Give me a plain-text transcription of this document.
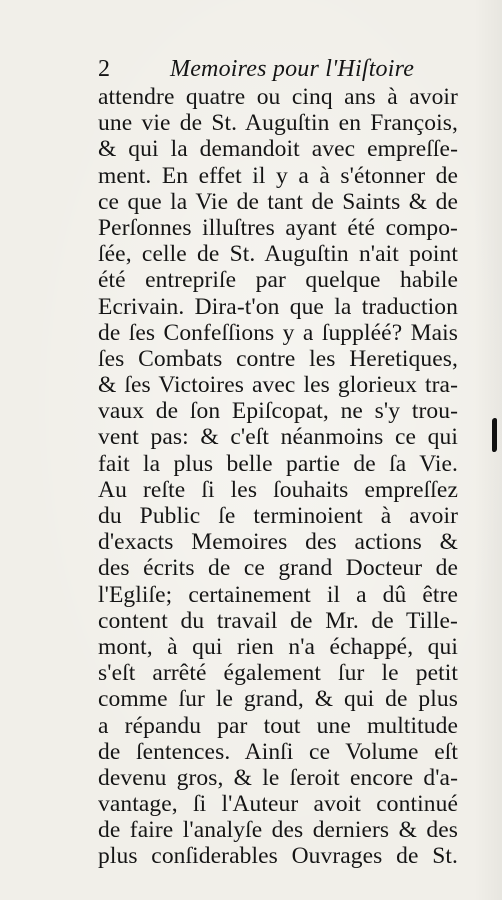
2	Memoires pour l'Hiſtoire
attendre quatre ou cinq ans à avoir
une vie de St. Auguſtin en François,
& qui la demandoit avec empreſſe-
ment. En effet il y a à s'étonner de
ce que la Vie de tant de Saints & de
Perſonnes illuſtres ayant été compo-
ſée, celle de St. Auguſtin n'ait point
été entrepriſe par quelque habile
Ecrivain. Dira-t'on que la traduction
de ſes Confeſſions y a ſuppléé? Mais
ſes Combats contre les Heretiques,
& ſes Victoires avec les glorieux tra-
vaux de ſon Epiſcopat, ne s'y trou-
vent pas: & c'eſt néanmoins ce qui
fait la plus belle partie de ſa Vie.
Au reſte ſi les ſouhaits empreſſez
du Public ſe terminoient à avoir
d'exacts Memoires des actions &
des écrits de ce grand Docteur de
l'Egliſe; certainement il a dû être
content du travail de Mr. de Tille-
mont, à qui rien n'a échappé, qui
s'eſt arrêté également ſur le petit
comme ſur le grand, & qui de plus
a répandu par tout une multitude
de ſentences. Ainſi ce Volume eſt
devenu gros, & le ſeroit encore d'a-
vantage, ſi l'Auteur avoit continué
de faire l'analyſe des derniers & des
plus conſiderables Ouvrages de St.
